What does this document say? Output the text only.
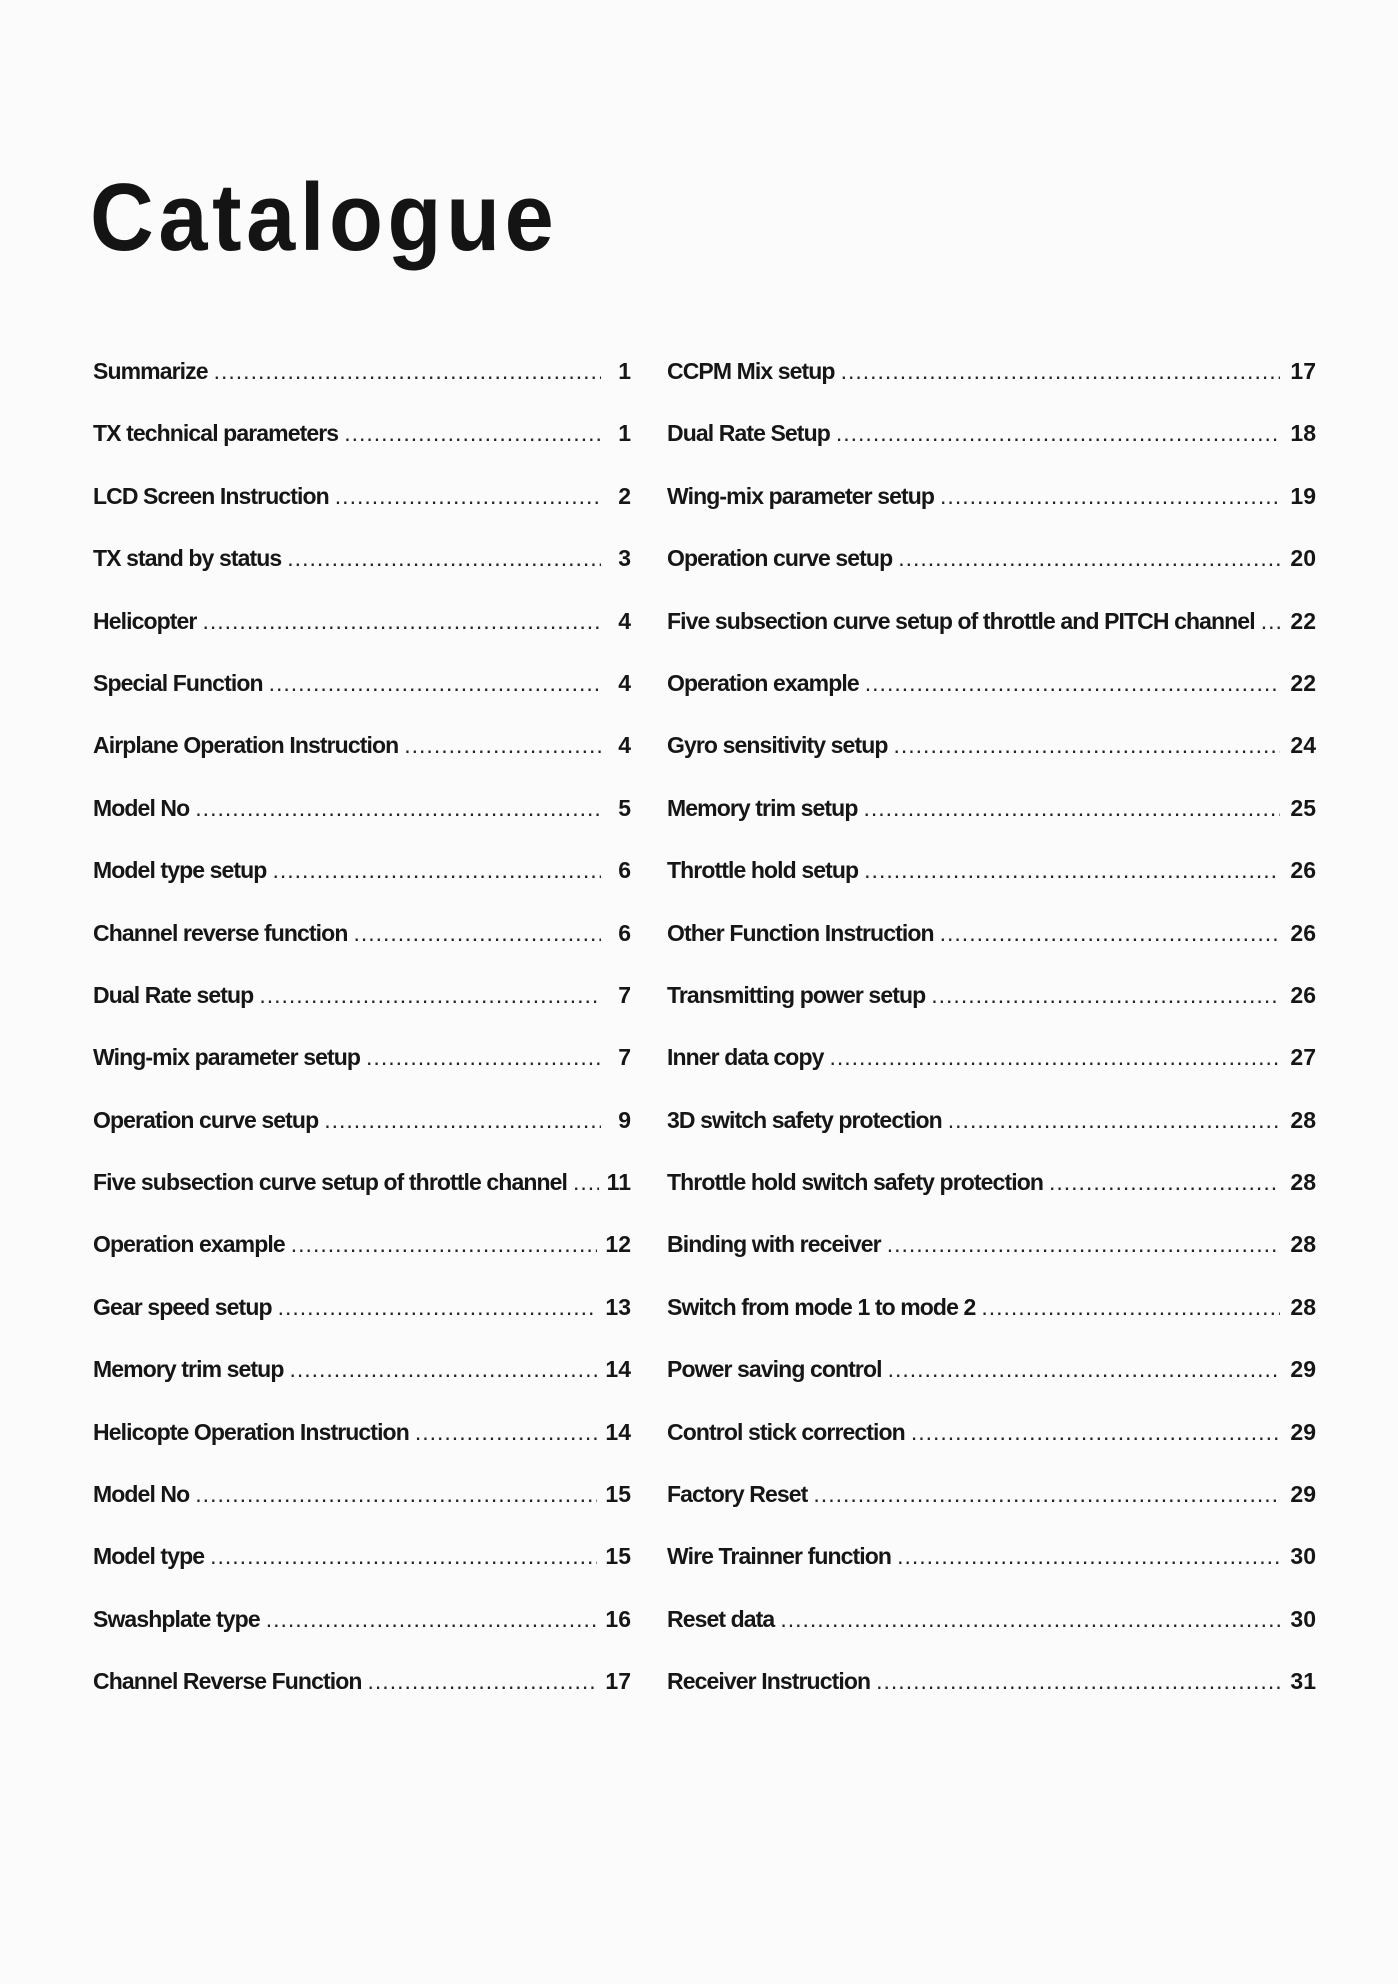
Catalogue
Summarize .....	1
TX technical parameters .....	1
LCD Screen Instruction .....	2
TX stand by status .....	3
Helicopter .....	4
Special Function .....	4
Airplane Operation Instruction .....	4
Model No .....	5
Model type setup .....	6
Channel reverse function .....	6
Dual Rate setup .....	7
Wing-mix parameter setup .....	7
Operation curve setup .....	9
Five subsection curve setup of throttle channel ..... 11
Operation example .....	12
Gear speed setup .....	13
Memory trim setup .....	14
Helicopte Operation Instruction .....	14
Model No .....	15
Model type .....	15
Swashplate type .....	16
Channel Reverse Function .....	17
CCPM Mix setup .....	17
Dual Rate Setup .....	18
Wing-mix parameter setup .....	19
Operation curve setup .....	20
Five subsection curve setup of throttle and PITCH channel ..... 22
Operation example .....	22
Gyro sensitivity setup .....	24
Memory trim setup .....	25
Throttle hold setup .....	26
Other Function Instruction .....	26
Transmitting power setup .....	26
Inner data copy .....	27
3D switch safety protection .....	28
Throttle hold switch safety protection .....	28
Binding with receiver .....	28
Switch from mode 1 to mode 2 .....	28
Power saving control .....	29
Control stick correction .....	29
Factory Reset .....	29
Wire Trainner function .....	30
Reset data .....	30
Receiver Instruction .....	31
